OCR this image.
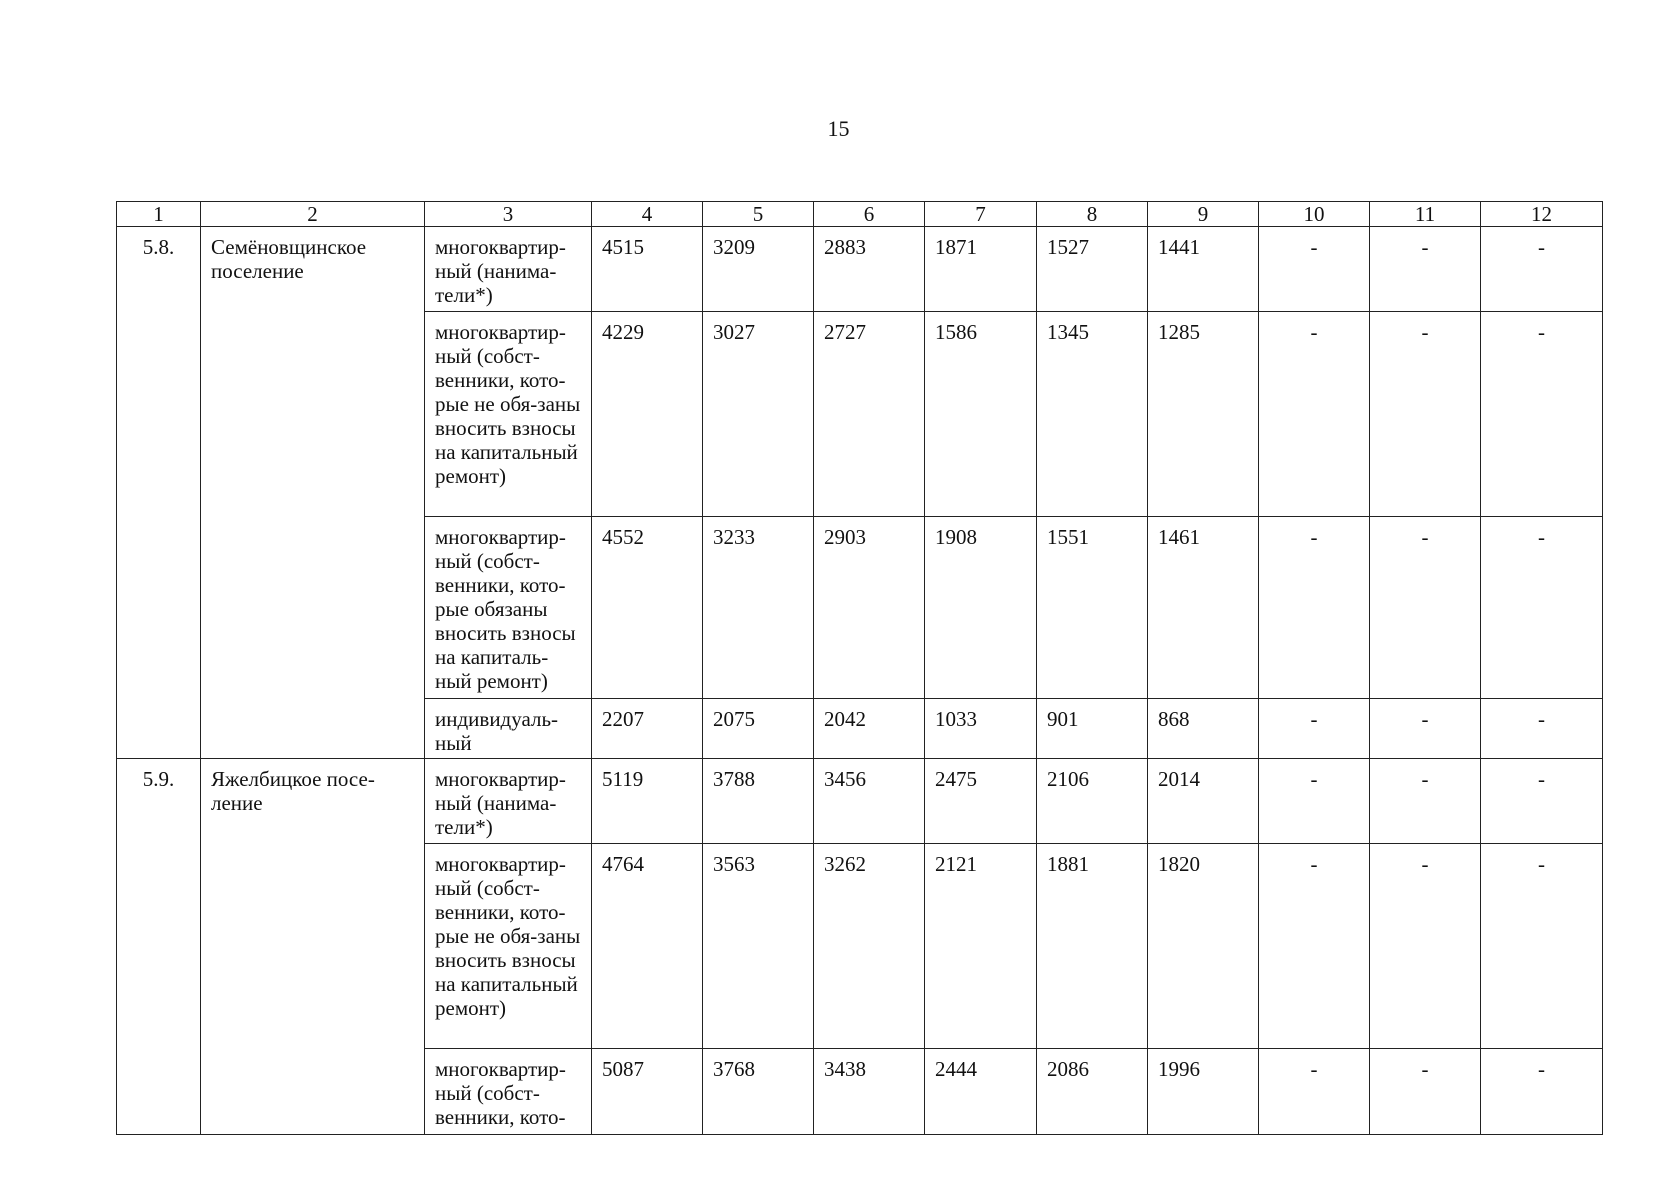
15
1	2	3	4	5	6	7	8	9	10	11	12
5.8.	Семёновщинское поселение	многоквартир-ный (нанима-тели*)	4515	3209	2883	1871	1527	1441	-	-	-
		многоквартир-ный (собст-венники, кото-рые не обя-заны вносить взносы на капитальный ремонт)	4229	3027	2727	1586	1345	1285	-	-	-
		многоквартир-ный (собст-венники, кото-рые обязаны вносить взносы на капиталь-ный ремонт)	4552	3233	2903	1908	1551	1461	-	-	-
		индивидуаль-ный	2207	2075	2042	1033	901	868	-	-	-
5.9.	Яжелбицкое посе-ление	многоквартир-ный (нанима-тели*)	5119	3788	3456	2475	2106	2014	-	-	-
		многоквартир-ный (собст-венники, кото-рые не обя-заны вносить взносы на капитальный ремонт)	4764	3563	3262	2121	1881	1820	-	-	-
		многоквартир-ный (собст-венники, кото-	5087	3768	3438	2444	2086	1996	-	-	-
